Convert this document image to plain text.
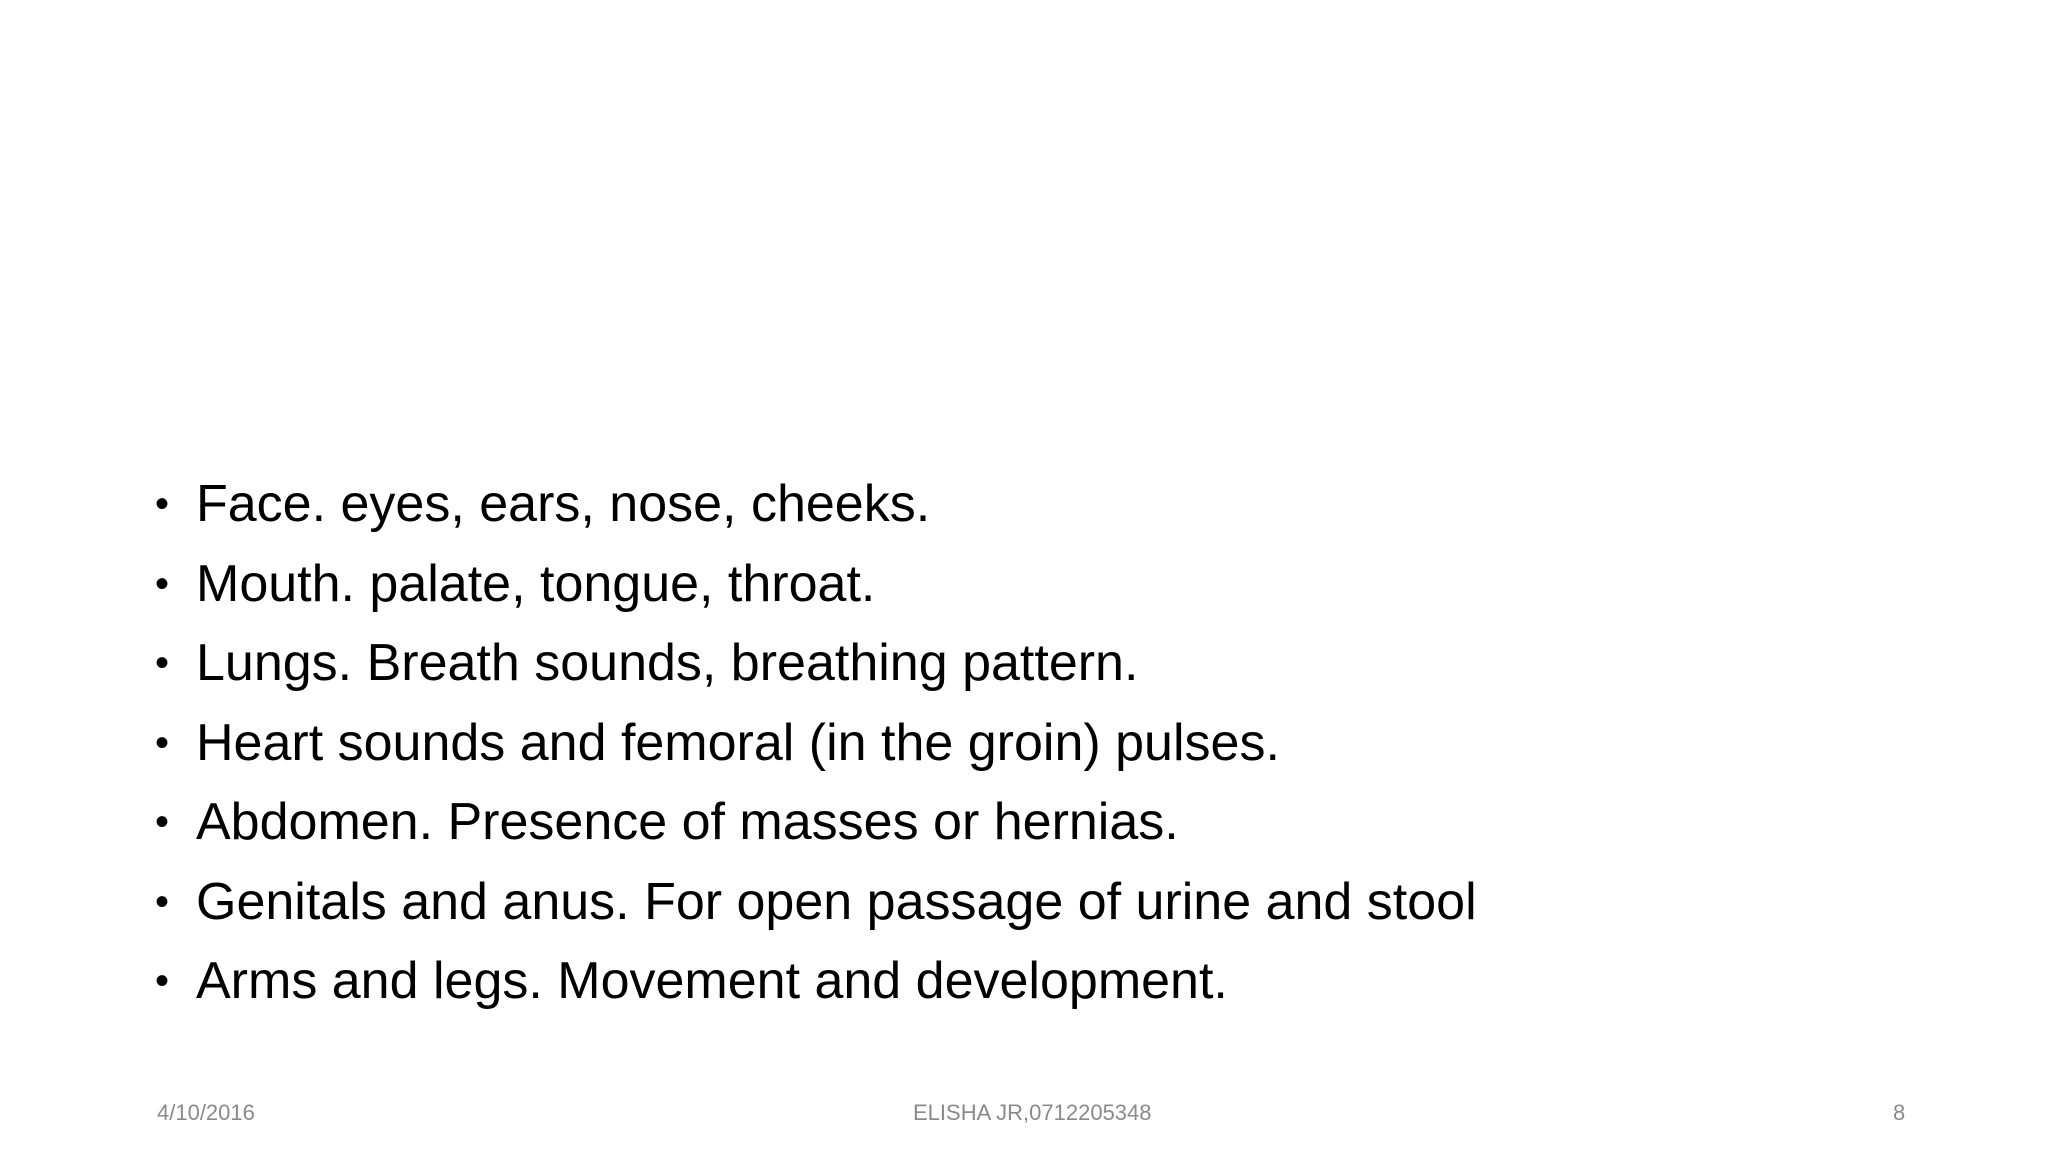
• Face. eyes, ears, nose, cheeks.
• Mouth. palate, tongue, throat.
• Lungs. Breath sounds, breathing pattern.
• Heart sounds and femoral (in the groin) pulses.
• Abdomen. Presence of masses or hernias.
• Genitals and anus. For open passage of urine and stool
• Arms and legs. Movement and development.
4/10/2016	ELISHA JR,0712205348	8
